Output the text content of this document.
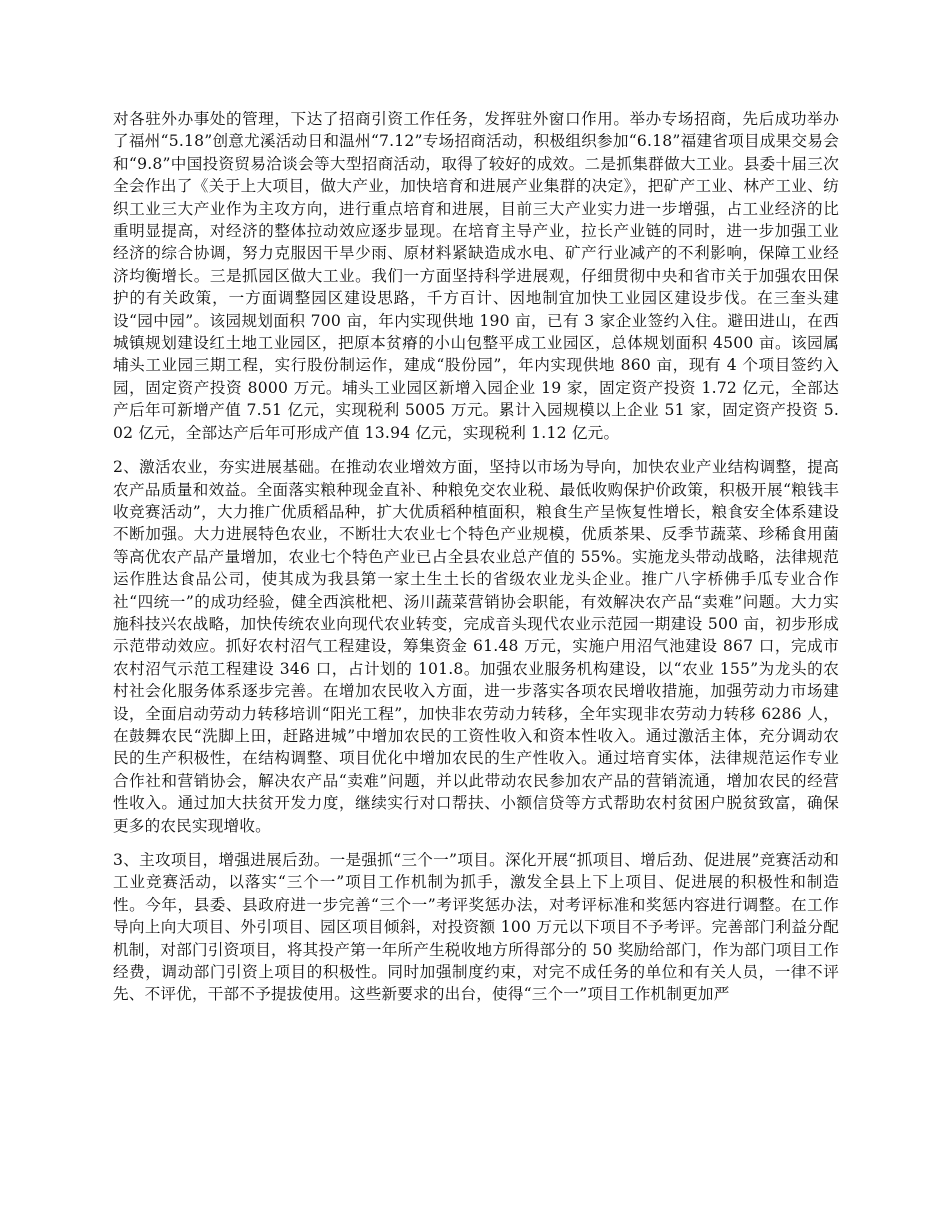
对各驻外办事处的管理，下达了招商引资工作任务，发挥驻外窗口作用。举办专场招商，先后成功举办了福州“5.18”创意尤溪活动日和温州“7.12”专场招商活动，积极组织参加“6.18”福建省项目成果交易会和“9.8”中国投资贸易洽谈会等大型招商活动，取得了较好的成效。二是抓集群做大工业。县委十届三次全会作出了《关于上大项目，做大产业，加快培育和进展产业集群的决定》，把矿产工业、林产工业、纺织工业三大产业作为主攻方向，进行重点培育和进展，目前三大产业实力进一步增强，占工业经济的比重明显提高，对经济的整体拉动效应逐步显现。在培育主导产业，拉长产业链的同时，进一步加强工业经济的综合协调，努力克服因干旱少雨、原材料紧缺造成水电、矿产行业减产的不利影响，保障工业经济均衡增长。三是抓园区做大工业。我们一方面坚持科学进展观，仔细贯彻中央和省市关于加强农田保护的有关政策，一方面调整园区建设思路，千方百计、因地制宜加快工业园区建设步伐。在三奎头建设“园中园”。该园规划面积 700 亩，年内实现供地 190 亩，已有 3 家企业签约入住。避田进山，在西城镇规划建设红土地工业园区，把原本贫瘠的小山包整平成工业园区，总体规划面积 4500 亩。该园属埔头工业园三期工程，实行股份制运作，建成“股份园”，年内实现供地 860 亩，现有 4 个项目签约入园，固定资产投资 8000 万元。埔头工业园区新增入园企业 19 家，固定资产投资 1.72 亿元，全部达产后年可新增产值 7.51 亿元，实现税利 5005 万元。累计入园规模以上企业 51 家，固定资产投资 5.02 亿元，全部达产后年可形成产值 13.94 亿元，实现税利 1.12 亿元。

2、激活农业，夯实进展基础。在推动农业增效方面，坚持以市场为导向，加快农业产业结构调整，提高农产品质量和效益。全面落实粮种现金直补、种粮免交农业税、最低收购保护价政策，积极开展“粮钱丰收竞赛活动”，大力推广优质稻品种，扩大优质稻种植面积，粮食生产呈恢复性增长，粮食安全体系建设不断加强。大力进展特色农业，不断壮大农业七个特色产业规模，优质茶果、反季节蔬菜、珍稀食用菌等高优农产品产量增加，农业七个特色产业已占全县农业总产值的 55%。实施龙头带动战略，法律规范运作胜达食品公司，使其成为我县第一家土生土长的省级农业龙头企业。推广八字桥佛手瓜专业合作社“四统一”的成功经验，健全西滨枇杷、汤川蔬菜营销协会职能，有效解决农产品“卖难”问题。大力实施科技兴农战略，加快传统农业向现代农业转变，完成音头现代农业示范园一期建设 500 亩，初步形成示范带动效应。抓好农村沼气工程建设，筹集资金 61.48 万元，实施户用沼气池建设 867 口，完成市农村沼气示范工程建设 346 口，占计划的 101.8。加强农业服务机构建设，以“农业 155”为龙头的农村社会化服务体系逐步完善。在增加农民收入方面，进一步落实各项农民增收措施，加强劳动力市场建设，全面启动劳动力转移培训“阳光工程”，加快非农劳动力转移，全年实现非农劳动力转移 6286 人，在鼓舞农民“洗脚上田，赶路进城”中增加农民的工资性收入和资本性收入。通过激活主体，充分调动农民的生产积极性，在结构调整、项目优化中增加农民的生产性收入。通过培育实体，法律规范运作专业合作社和营销协会，解决农产品“卖难”问题，并以此带动农民参加农产品的营销流通，增加农民的经营性收入。通过加大扶贫开发力度，继续实行对口帮扶、小额信贷等方式帮助农村贫困户脱贫致富，确保更多的农民实现增收。

3、主攻项目，增强进展后劲。一是强抓“三个一”项目。深化开展“抓项目、增后劲、促进展”竞赛活动和工业竞赛活动，以落实“三个一”项目工作机制为抓手，激发全县上下上项目、促进展的积极性和制造性。今年，县委、县政府进一步完善“三个一”考评奖惩办法，对考评标准和奖惩内容进行调整。在工作导向上向大项目、外引项目、园区项目倾斜，对投资额 100 万元以下项目不予考评。完善部门利益分配机制，对部门引资项目，将其投产第一年所产生税收地方所得部分的 50 奖励给部门，作为部门项目工作经费，调动部门引资上项目的积极性。同时加强制度约束，对完不成任务的单位和有关人员，一律不评先、不评优，干部不予提拔使用。这些新要求的出台，使得“三个一”项目工作机制更加严
